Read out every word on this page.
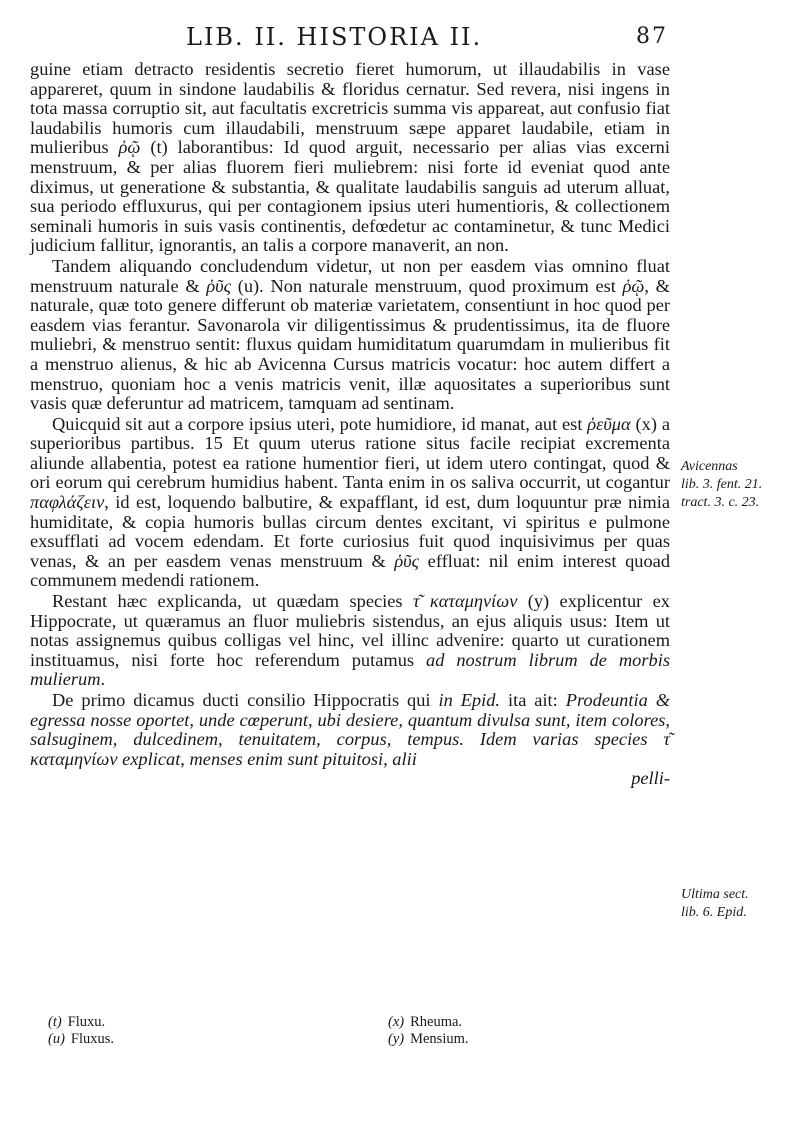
LIB. II. HISTORIA II.	87

guine etiam detracto residentis secretio fieret humorum, ut illaudabilis in vase appareret, quum in sindone laudabilis & floridus cernatur. Sed revera, nisi ingens in tota massa corruptio sit, aut facultatis excretricis summa vis appareat, aut confusio fiat laudabilis humoris cum illaudabili, menstruum sæpe apparet laudabile, etiam in mulieribus ῥῷ (t) laborantibus: Id quod arguit, necessario per alias vias excerni menstruum, & per alias fluorem fieri muliebrem: nisi forte id eveniat quod ante diximus, ut generatione & substantia, & qualitate laudabilis sanguis ad uterum alluat, sua periodo effluxurus, qui per contagionem ipsius uteri humentioris, & collectionem seminali humoris in suis vasis continentis, defœdetur ac contaminetur, & tunc Medici judicium fallitur, ignorantis, an talis a corpore manaverit, an non.

Tandem aliquando concludendum videtur, ut non per easdem vias omnino fluat menstruum naturale & ῥῦς (u). Non naturale menstruum, quod proximum est ῥῷ, & naturale, quæ toto genere differunt ob materiæ varietatem, consentiunt in hoc quod per easdem vias ferantur. Savonarola vir diligentissimus & prudentissimus, ita de fluore muliebri, & menstruo sentit: fluxus quidam humiditatum quarumdam in mulieribus fit a menstruo alienus, & hic ab Avicenna Cursus matricis vocatur: hoc autem differt a menstruo, quoniam hoc a venis matricis venit, illæ aquositates a superioribus sunt vasis quæ deferuntur ad matricem, tamquam ad sentinam.

Quicquid sit aut a corpore ipsius uteri, pote humidiore, id manat, aut est ῥεῦμα (x) a superioribus partibus. 15 Et quum uterus ratione situs facile recipiat excrementa aliunde allabentia, potest ea ratione humentior fieri, ut idem utero contingat, quod & ori eorum qui cerebrum humidius habent. Tanta enim in os saliva occurrit, ut cogantur παφλάζειν, id est, loquendo balbutire, & expafflant, id est, dum loquuntur præ nimia humiditate, & copia humoris bullas circum dentes excitant, vi spiritus e pulmone exsufflati ad vocem edendam. Et forte curiosius fuit quod inquisivimus per quas venas, & an per easdem venas menstruum & ῥῦς effluat: nil enim interest quoad communem medendi rationem.

Restant hæc explicanda, ut quædam species τ͂ καταμηνίων (y) explicentur ex Hippocrate, ut quæramus an fluor muliebris sistendus, an ejus aliquis usus: Item ut notas assignemus quibus colligas vel hinc, vel illinc advenire: quarto ut curationem instituamus, nisi forte hoc referendum putamus ad nostrum librum de morbis mulierum.

De primo dicamus ducti consilio Hippocratis qui in Epid. ita ait: Prodeuntia & egressa nosse oportet, unde cœperunt, ubi desiere, quantum divulsa sunt, item colores, salsuginem, dulcedinem, tenuitatem, corpus, tempus. Idem varias species τ͂ καταμηνίων explicat, menses enim sunt pituitosi, alii

pelli-
Avicennas
lib. 3. fent. 21.
tract. 3. c. 23.
Ultima sect.
lib. 6. Epid.
(t) Fluxu.
(u) Fluxus.
(x) Rheuma.
(y) Mensium.
